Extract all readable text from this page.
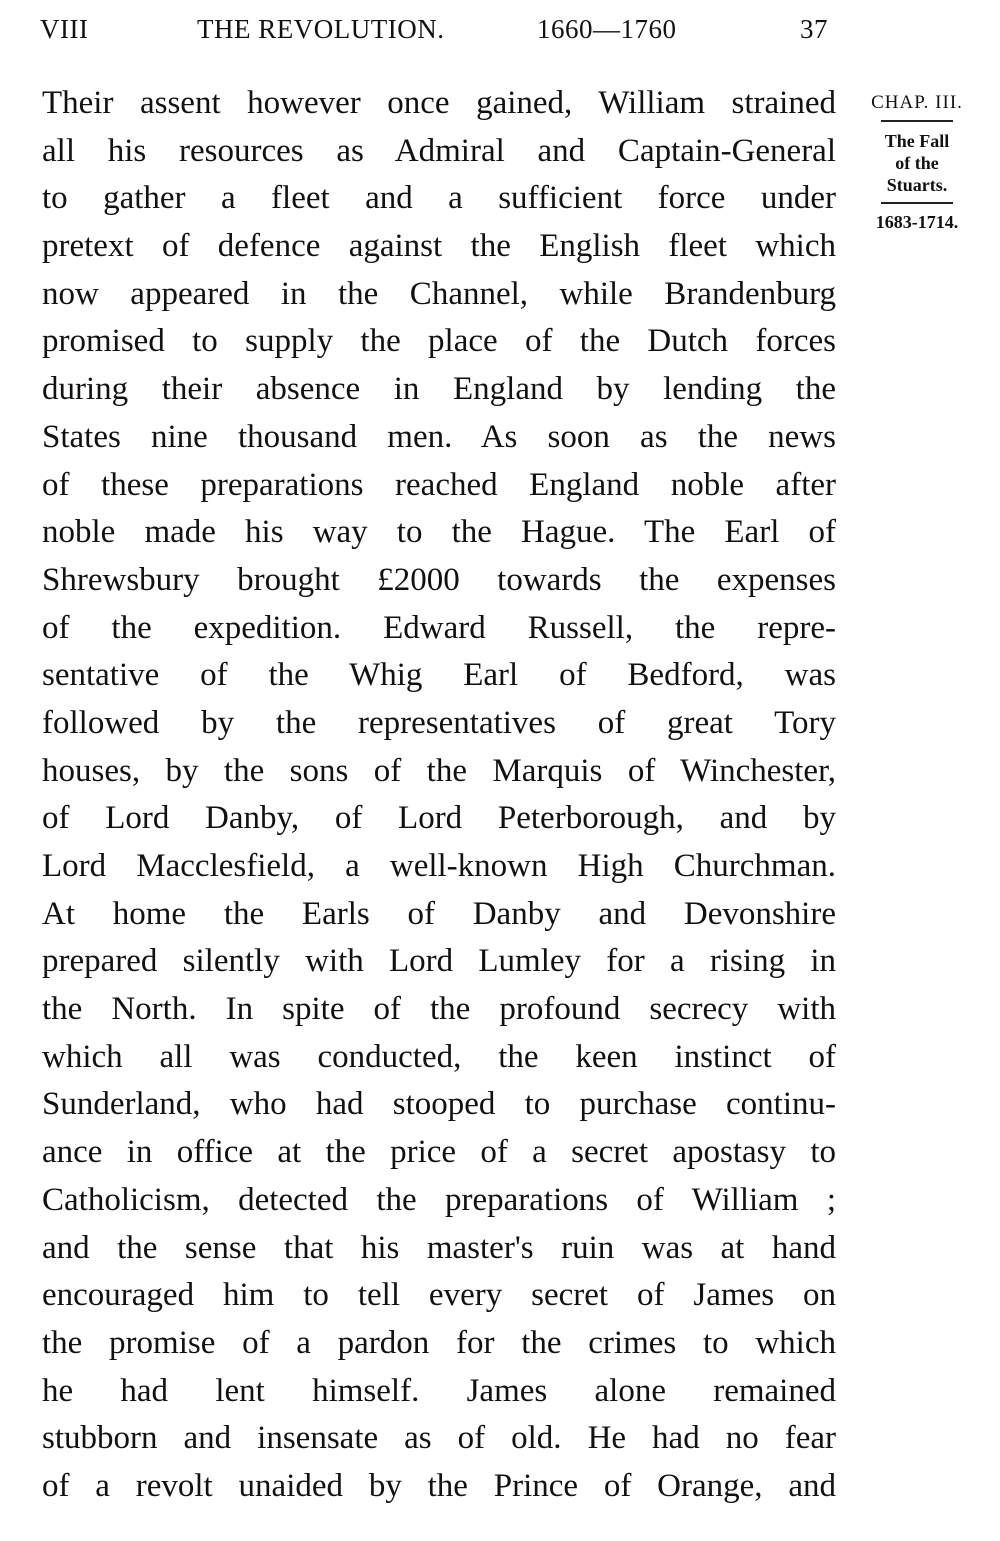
VIII	THE REVOLUTION.	1660—1760	37
Their assent however once gained, William strained
all his resources as Admiral and Captain-General
to gather a fleet and a sufficient force under
pretext of defence against the English fleet which
now appeared in the Channel, while Brandenburg
promised to supply the place of the Dutch forces
during their absence in England by lending the
States nine thousand men. As soon as the news
of these preparations reached England noble after
noble made his way to the Hague. The Earl of
Shrewsbury brought £2000 towards the expenses
of the expedition. Edward Russell, the repre-
sentative of the Whig Earl of Bedford, was
followed by the representatives of great Tory
houses, by the sons of the Marquis of Winchester,
of Lord Danby, of Lord Peterborough, and by
Lord Macclesfield, a well-known High Churchman.
At home the Earls of Danby and Devonshire
prepared silently with Lord Lumley for a rising in
the North. In spite of the profound secrecy with
which all was conducted, the keen instinct of
Sunderland, who had stooped to purchase continu-
ance in office at the price of a secret apostasy to
Catholicism, detected the preparations of William ;
and the sense that his master's ruin was at hand
encouraged him to tell every secret of James on
the promise of a pardon for the crimes to which
he had lent himself. James alone remained
stubborn and insensate as of old. He had no fear
of a revolt unaided by the Prince of Orange, and
CHAP. III.
The Fall
of the
Stuarts.
1683-1714.
